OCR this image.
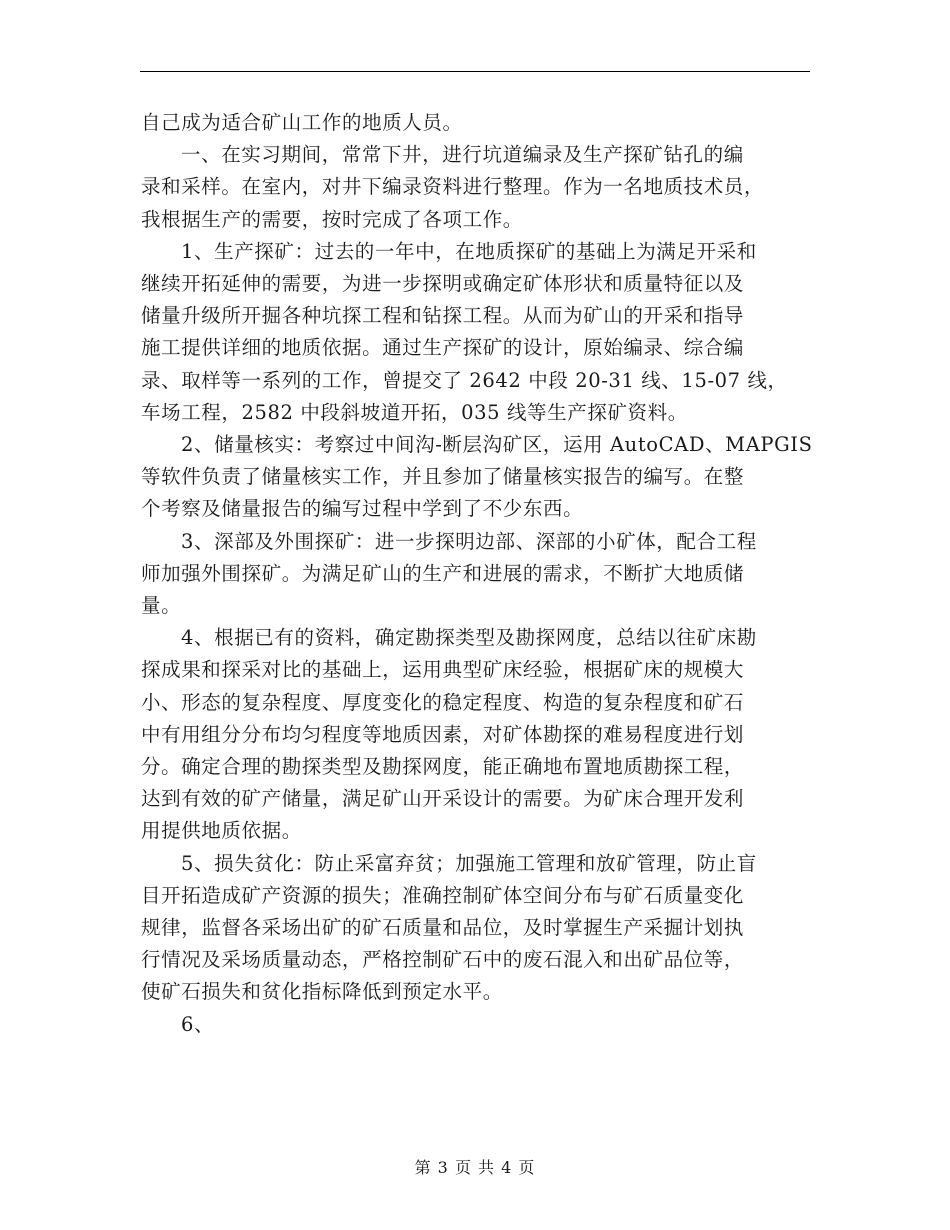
自己成为适合矿山工作的地质人员。

一、在实习期间，常常下井，进行坑道编录及生产探矿钻孔的编
录和采样。在室内，对井下编录资料进行整理。作为一名地质技术员，
我根据生产的需要，按时完成了各项工作。

1、生产探矿：过去的一年中，在地质探矿的基础上为满足开采和
继续开拓延伸的需要，为进一步探明或确定矿体形状和质量特征以及
储量升级所开掘各种坑探工程和钻探工程。从而为矿山的开采和指导
施工提供详细的地质依据。通过生产探矿的设计，原始编录、综合编
录、取样等一系列的工作，曾提交了 2642 中段 20-31 线、15-07 线，
车场工程，2582 中段斜坡道开拓，035 线等生产探矿资料。

2、储量核实：考察过中间沟-断层沟矿区，运用 AutoCAD、MAPGIS
等软件负责了储量核实工作，并且参加了储量核实报告的编写。在整
个考察及储量报告的编写过程中学到了不少东西。

3、深部及外围探矿：进一步探明边部、深部的小矿体，配合工程
师加强外围探矿。为满足矿山的生产和进展的需求，不断扩大地质储
量。

4、根据已有的资料，确定勘探类型及勘探网度，总结以往矿床勘
探成果和探采对比的基础上，运用典型矿床经验，根据矿床的规模大
小、形态的复杂程度、厚度变化的稳定程度、构造的复杂程度和矿石
中有用组分分布均匀程度等地质因素，对矿体勘探的难易程度进行划
分。确定合理的勘探类型及勘探网度，能正确地布置地质勘探工程，
达到有效的矿产储量，满足矿山开采设计的需要。为矿床合理开发利
用提供地质依据。

5、损失贫化：防止采富弃贫；加强施工管理和放矿管理，防止盲
目开拓造成矿产资源的损失；准确控制矿体空间分布与矿石质量变化
规律，监督各采场出矿的矿石质量和品位，及时掌握生产采掘计划执
行情况及采场质量动态，严格控制矿石中的废石混入和出矿品位等，
使矿石损失和贫化指标降低到预定水平。

6、

第 3 页 共 4 页
